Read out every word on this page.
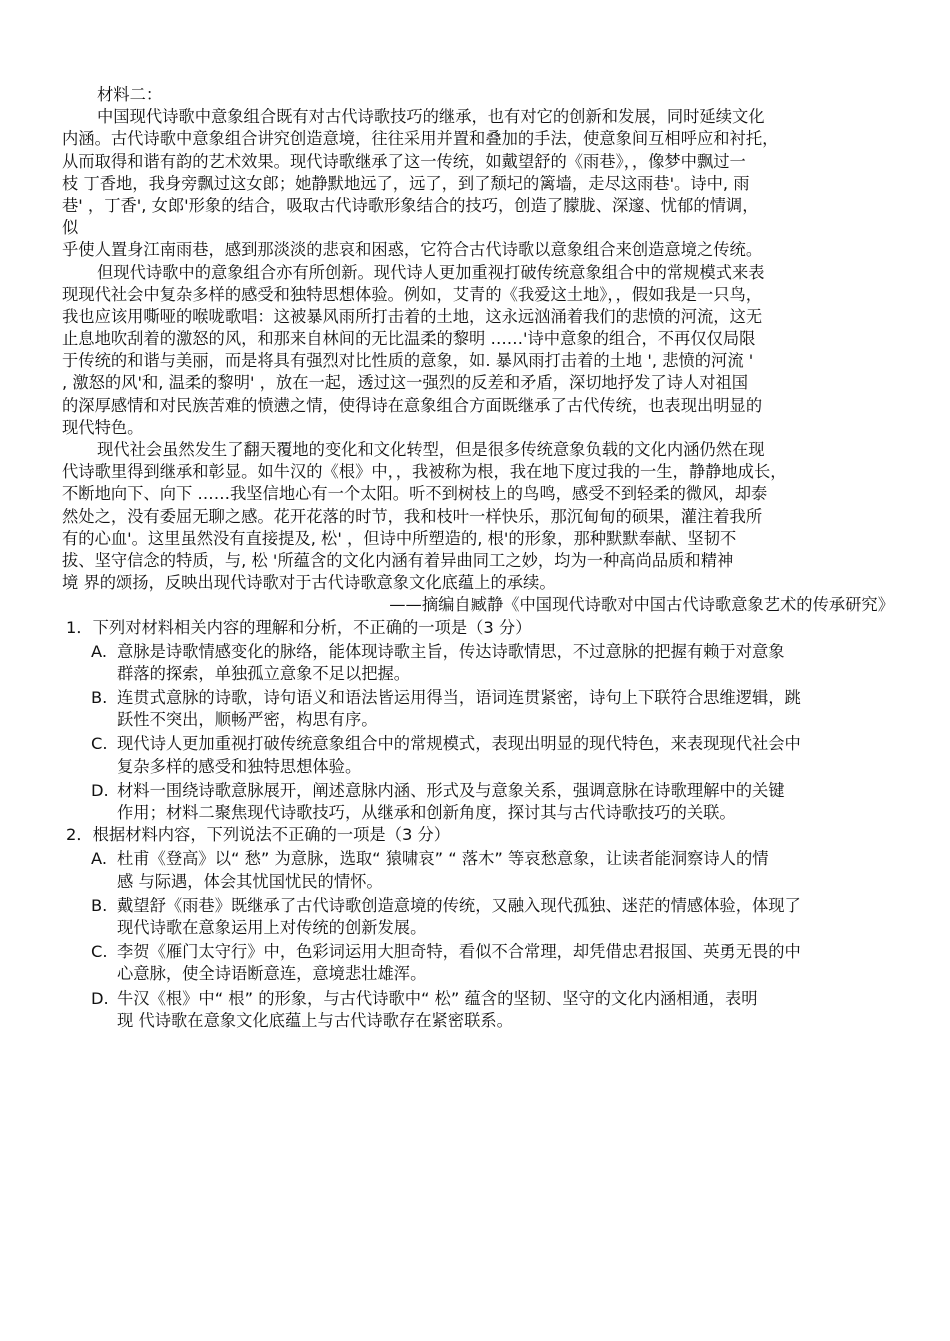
材料二：
中国现代诗歌中意象组合既有对古代诗歌技巧的继承，也有对它的创新和发展，同时延续文化
内涵。古代诗歌中意象组合讲究创造意境，往往采用并置和叠加的手法，使意象间互相呼应和衬托，
从而取得和谐有韵的艺术效果。现代诗歌继承了这一传统，如戴望舒的《雨巷》，，像梦中飘过一
枝 丁香地，我身旁飘过这女郎；她静默地远了，远了，到了颓圮的篱墙，走尽这雨巷'。诗中, 雨
巷' ，丁香', 女郎'形象的结合，吸取古代诗歌形象结合的技巧，创造了朦胧、深邃、忧郁的情调，
似
乎使人置身江南雨巷，感到那淡淡的悲哀和困惑，它符合古代诗歌以意象组合来创造意境之传统。
但现代诗歌中的意象组合亦有所创新。现代诗人更加重视打破传统意象组合中的常规模式来表
现现代社会中复杂多样的感受和独特思想体验。例如，艾青的《我爱这土地》，，假如我是一只鸟，
我也应该用嘶哑的喉咙歌唱：这被暴风雨所打击着的土地，这永远汹涌着我们的悲愤的河流，这无
止息地吹刮着的激怒的风，和那来自林间的无比温柔的黎明 ……'诗中意象的组合，不再仅仅局限
于传统的和谐与美丽，而是将具有强烈对比性质的意象，如. 暴风雨打击着的土地 ', 悲愤的河流 '
, 激怒的风'和, 温柔的黎明' ，放在一起，透过这一强烈的反差和矛盾，深切地抒发了诗人对祖国
的深厚感情和对民族苦难的愤懑之情，使得诗在意象组合方面既继承了古代传统，也表现出明显的
现代特色。
现代社会虽然发生了翻天覆地的变化和文化转型，但是很多传统意象负载的文化内涵仍然在现
代诗歌里得到继承和彰显。如牛汉的《根》中，，我被称为根，我在地下度过我的一生，静静地成长，
不断地向下、向下 ……我坚信地心有一个太阳。听不到树枝上的鸟鸣，感受不到轻柔的微风，却泰
然处之，没有委屈无聊之感。花开花落的时节，我和枝叶一样快乐，那沉甸甸的硕果，灌注着我所
有的心血'。这里虽然没有直接提及, 松' ，但诗中所塑造的, 根'的形象，那种默默奉献、坚韧不
拔、坚守信念的特质，与, 松 '所蕴含的文化内涵有着异曲同工之妙，均为一种高尚品质和精神
境 界的颂扬，反映出现代诗歌对于古代诗歌意象文化底蕴上的承续。
——摘编自臧静《中国现代诗歌对中国古代诗歌意象艺术的传承研究》
1．下列对材料相关内容的理解和分析，不正确的一项是（3 分）
A. 意脉是诗歌情感变化的脉络，能体现诗歌主旨，传达诗歌情思，不过意脉的把握有赖于对意象
群落的探索，单独孤立意象不足以把握。
B. 连贯式意脉的诗歌，诗句语义和语法皆运用得当，语词连贯紧密，诗句上下联符合思维逻辑，跳
跃性不突出，顺畅严密，构思有序。
C. 现代诗人更加重视打破传统意象组合中的常规模式，表现出明显的现代特色，来表现现代社会中
复杂多样的感受和独特思想体验。
D. 材料一围绕诗歌意脉展开，阐述意脉内涵、形式及与意象关系，强调意脉在诗歌理解中的关键
作用；材料二聚焦现代诗歌技巧，从继承和创新角度，探讨其与古代诗歌技巧的关联。
2．根据材料内容，下列说法不正确的一项是（3 分）
A. 杜甫《登高》以“ 愁” 为意脉，选取“ 猿啸哀” “ 落木” 等哀愁意象，让读者能洞察诗人的情
感 与际遇，体会其忧国忧民的情怀。
B. 戴望舒《雨巷》既继承了古代诗歌创造意境的传统，又融入现代孤独、迷茫的情感体验，体现了
现代诗歌在意象运用上对传统的创新发展。
C. 李贺《雁门太守行》中，色彩词运用大胆奇特，看似不合常理，却凭借忠君报国、英勇无畏的中
心意脉，使全诗语断意连，意境悲壮雄浑。
D. 牛汉《根》中“ 根” 的形象，与古代诗歌中“ 松” 蕴含的坚韧、坚守的文化内涵相通，表明
现 代诗歌在意象文化底蕴上与古代诗歌存在紧密联系。
